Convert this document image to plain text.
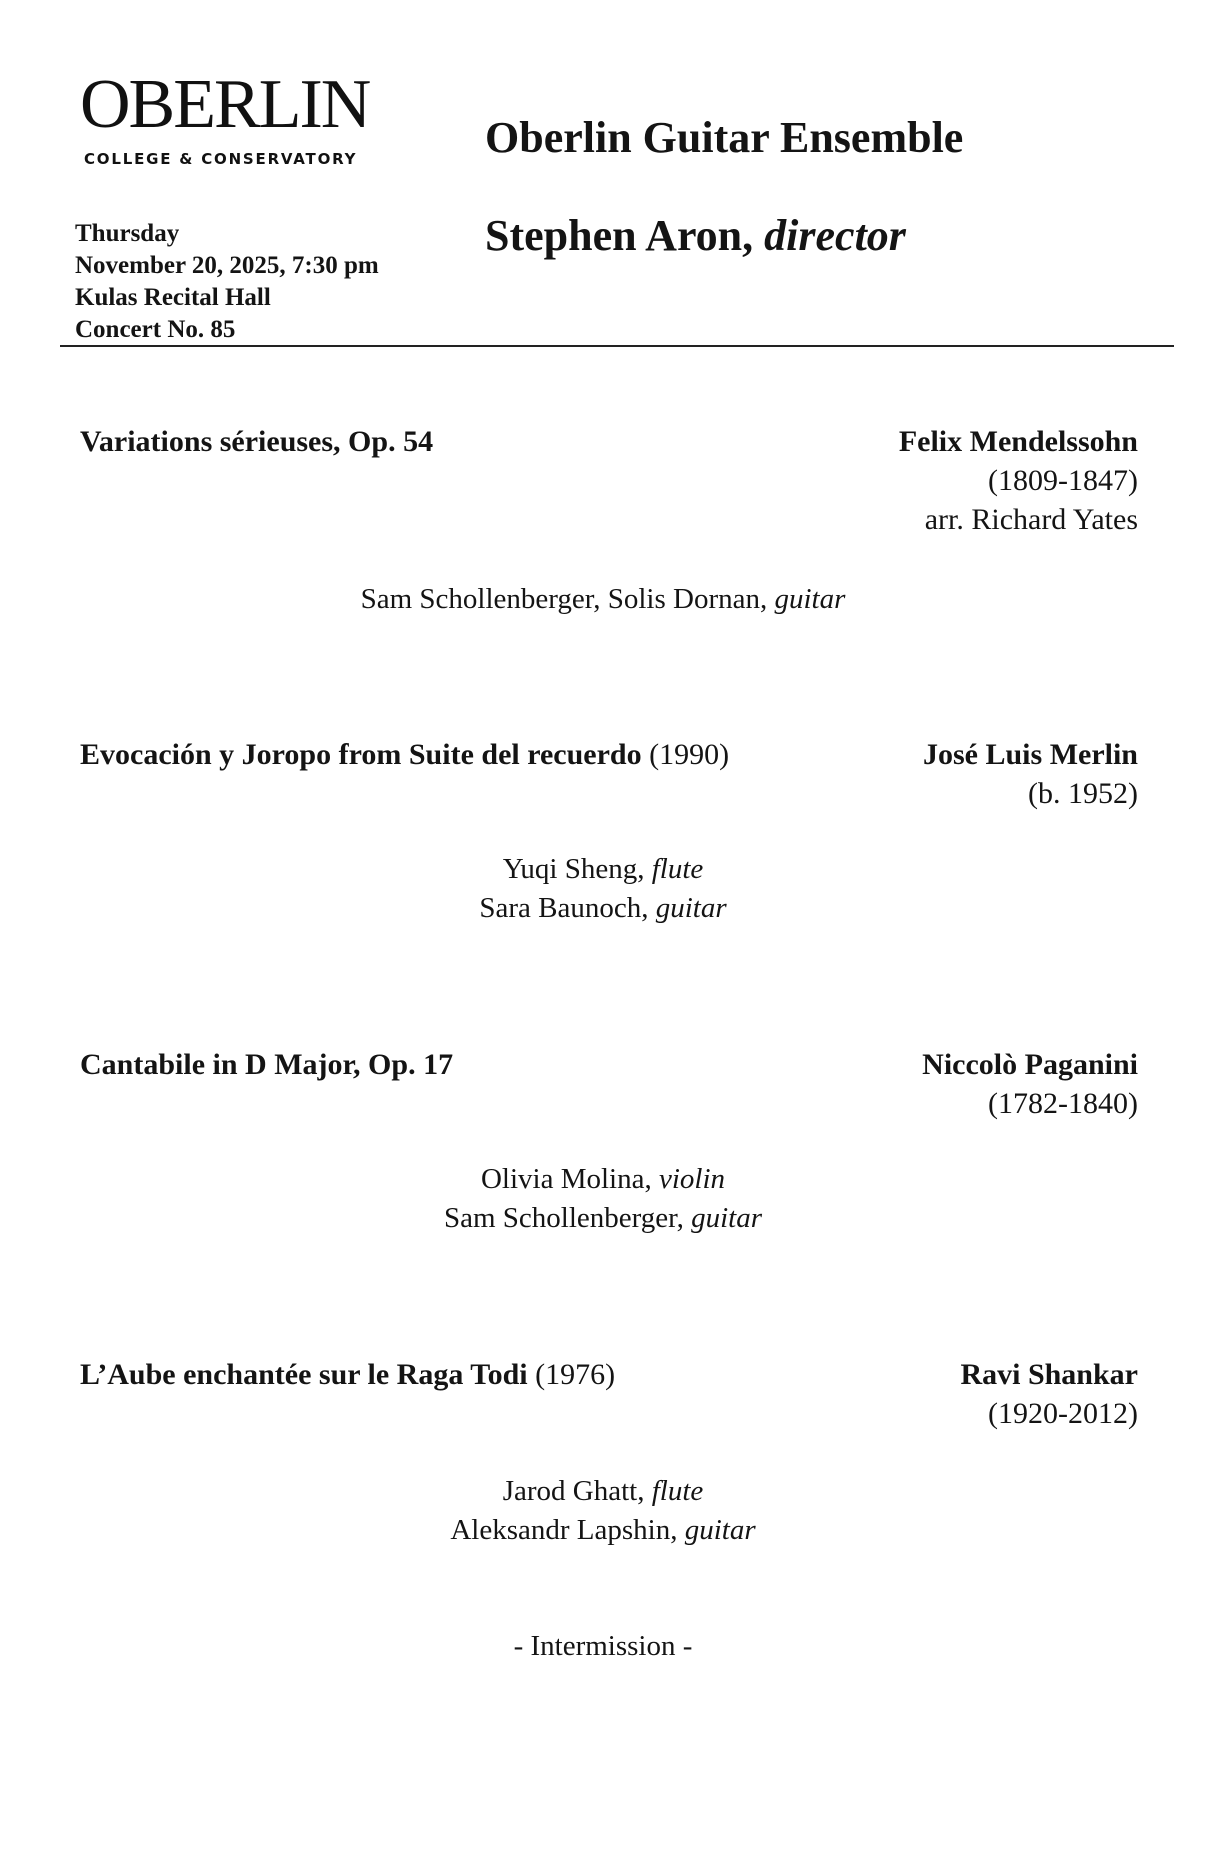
OBERLIN
COLLEGE & CONSERVATORY	Oberlin Guitar Ensemble
Stephen Aron, director
Thursday
November 20, 2025, 7:30 pm
Kulas Recital Hall
Concert No. 85
Variations sérieuses, Op. 54	Felix Mendelssohn
(1809-1847)
arr. Richard Yates
Sam Schollenberger, Solis Dornan, guitar
Evocación y Joropo from Suite del recuerdo (1990)	José Luis Merlin
(b. 1952)
Yuqi Sheng, flute
Sara Baunoch, guitar
Cantabile in D Major, Op. 17	Niccolò Paganini
(1782-1840)
Olivia Molina, violin
Sam Schollenberger, guitar
L’Aube enchantée sur le Raga Todi (1976)	Ravi Shankar
(1920-2012)
Jarod Ghatt, flute
Aleksandr Lapshin, guitar
- Intermission -
